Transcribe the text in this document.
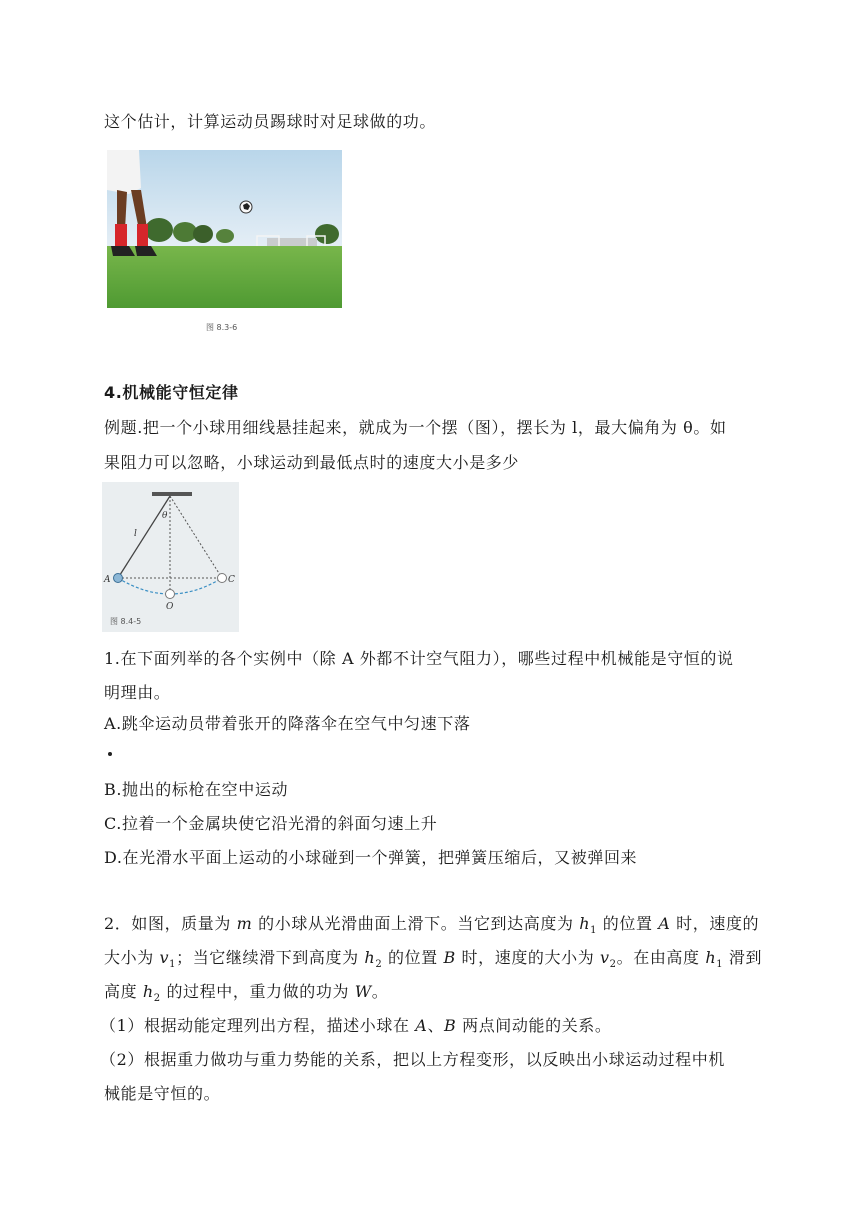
这个估计，计算运动员踢球时对足球做的功。
图 8.3-6
4.机械能守恒定律
例题.把一个小球用细线悬挂起来，就成为一个摆（图），摆长为 l，最大偏角为 θ。如
果阻力可以忽略，小球运动到最低点时的速度大小是多少
θ
l
A	C
O
图 8.4-5
1.在下面列举的各个实例中（除 A 外都不计空气阻力），哪些过程中机械能是守恒的说
明理由。
A.跳伞运动员带着张开的降落伞在空气中匀速下落
B.抛出的标枪在空中运动
C.拉着一个金属块使它沿光滑的斜面匀速上升
D.在光滑水平面上运动的小球碰到一个弹簧，把弹簧压缩后，又被弹回来
2．如图，质量为 m 的小球从光滑曲面上滑下。当它到达高度为 $h_1$ 的位置 A 时，速度的
大小为 $v_1$；当它继续滑下到高度为 $h_2$ 的位置 B 时，速度的大小为 $v_2$。在由高度 $h_1$ 滑到
高度 $h_2$ 的过程中，重力做的功为 W。
（1）根据动能定理列出方程，描述小球在 A、B 两点间动能的关系。
（2）根据重力做功与重力势能的关系，把以上方程变形，以反映出小球运动过程中机
械能是守恒的。
